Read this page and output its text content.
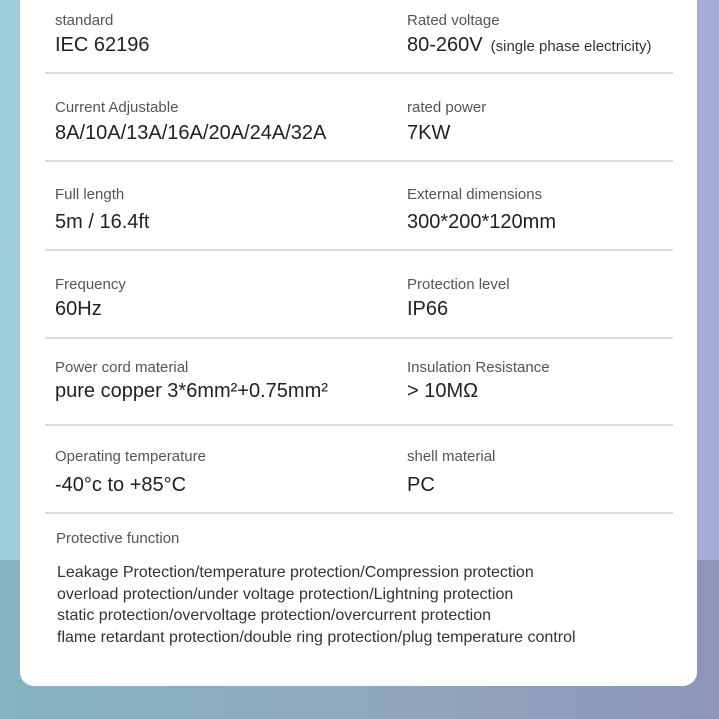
standard
IEC 62196
Rated voltage
80-260V (single phase electricity)
Current Adjustable
8A/10A/13A/16A/20A/24A/32A
rated power
7KW
Full length
5m / 16.4ft
External dimensions
300*200*120mm
Frequency
60Hz
Protection level
IP66
Power cord material
pure copper 3*6mm²+0.75mm²
Insulation Resistance
> 10MΩ
Operating temperature
-40°c to +85°C
shell material
PC
Protective function
Leakage Protection/temperature protection/Compression protection
overload protection/under voltage protection/Lightning protection
static protection/overvoltage protection/overcurrent protection
flame retardant protection/double ring protection/plug temperature control
